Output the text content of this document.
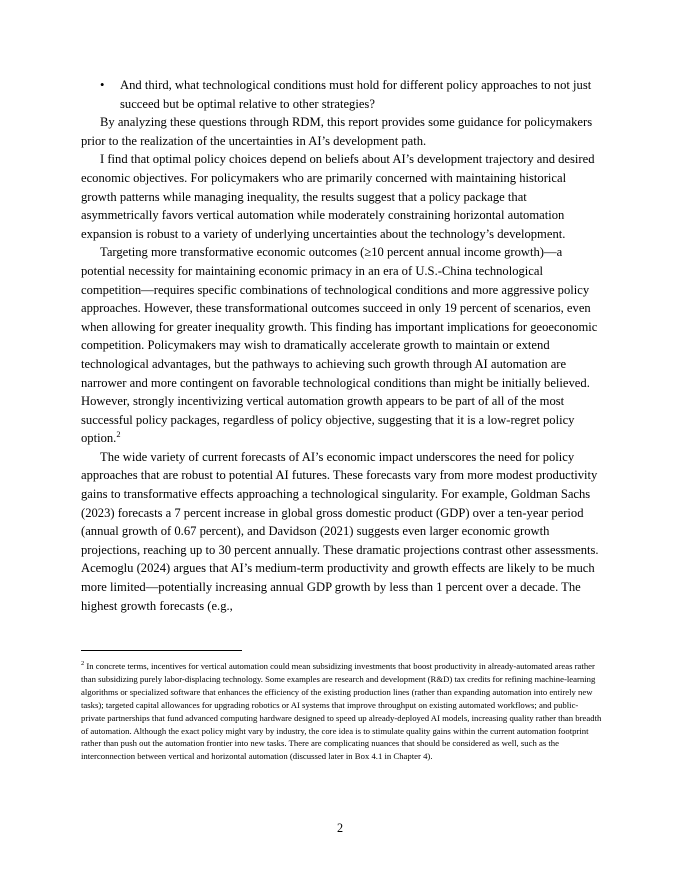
• And third, what technological conditions must hold for different policy approaches to not just succeed but be optimal relative to other strategies?

By analyzing these questions through RDM, this report provides some guidance for policymakers prior to the realization of the uncertainties in AI’s development path.

I find that optimal policy choices depend on beliefs about AI’s development trajectory and desired economic objectives. For policymakers who are primarily concerned with maintaining historical growth patterns while managing inequality, the results suggest that a policy package that asymmetrically favors vertical automation while moderately constraining horizontal automation expansion is robust to a variety of underlying uncertainties about the technology’s development.

Targeting more transformative economic outcomes (≥10 percent annual income growth)—a potential necessity for maintaining economic primacy in an era of U.S.-China technological competition—requires specific combinations of technological conditions and more aggressive policy approaches. However, these transformational outcomes succeed in only 19 percent of scenarios, even when allowing for greater inequality growth. This finding has important implications for geoeconomic competition. Policymakers may wish to dramatically accelerate growth to maintain or extend technological advantages, but the pathways to achieving such growth through AI automation are narrower and more contingent on favorable technological conditions than might be initially believed. However, strongly incentivizing vertical automation growth appears to be part of all of the most successful policy packages, regardless of policy objective, suggesting that it is a low-regret policy option.$^2$

The wide variety of current forecasts of AI’s economic impact underscores the need for policy approaches that are robust to potential AI futures. These forecasts vary from more modest productivity gains to transformative effects approaching a technological singularity. For example, Goldman Sachs (2023) forecasts a 7 percent increase in global gross domestic product (GDP) over a ten-year period (annual growth of 0.67 percent), and Davidson (2021) suggests even larger economic growth projections, reaching up to 30 percent annually. These dramatic projections contrast other assessments. Acemoglu (2024) argues that AI’s medium-term productivity and growth effects are likely to be much more limited—potentially increasing annual GDP growth by less than 1 percent over a decade. The highest growth forecasts (e.g.,

$^2$ In concrete terms, incentives for vertical automation could mean subsidizing investments that boost productivity in already-automated areas rather than subsidizing purely labor-displacing technology. Some examples are research and development (R&D) tax credits for refining machine-learning algorithms or specialized software that enhances the efficiency of the existing production lines (rather than expanding automation into entirely new tasks); targeted capital allowances for upgrading robotics or AI systems that improve throughput on existing automated workflows; and public-private partnerships that fund advanced computing hardware designed to speed up already-deployed AI models, increasing quality rather than breadth of automation. Although the exact policy might vary by industry, the core idea is to stimulate quality gains within the current automation footprint rather than push out the automation frontier into new tasks. There are complicating nuances that should be considered as well, such as the interconnection between vertical and horizontal automation (discussed later in Box 4.1 in Chapter 4).

2
